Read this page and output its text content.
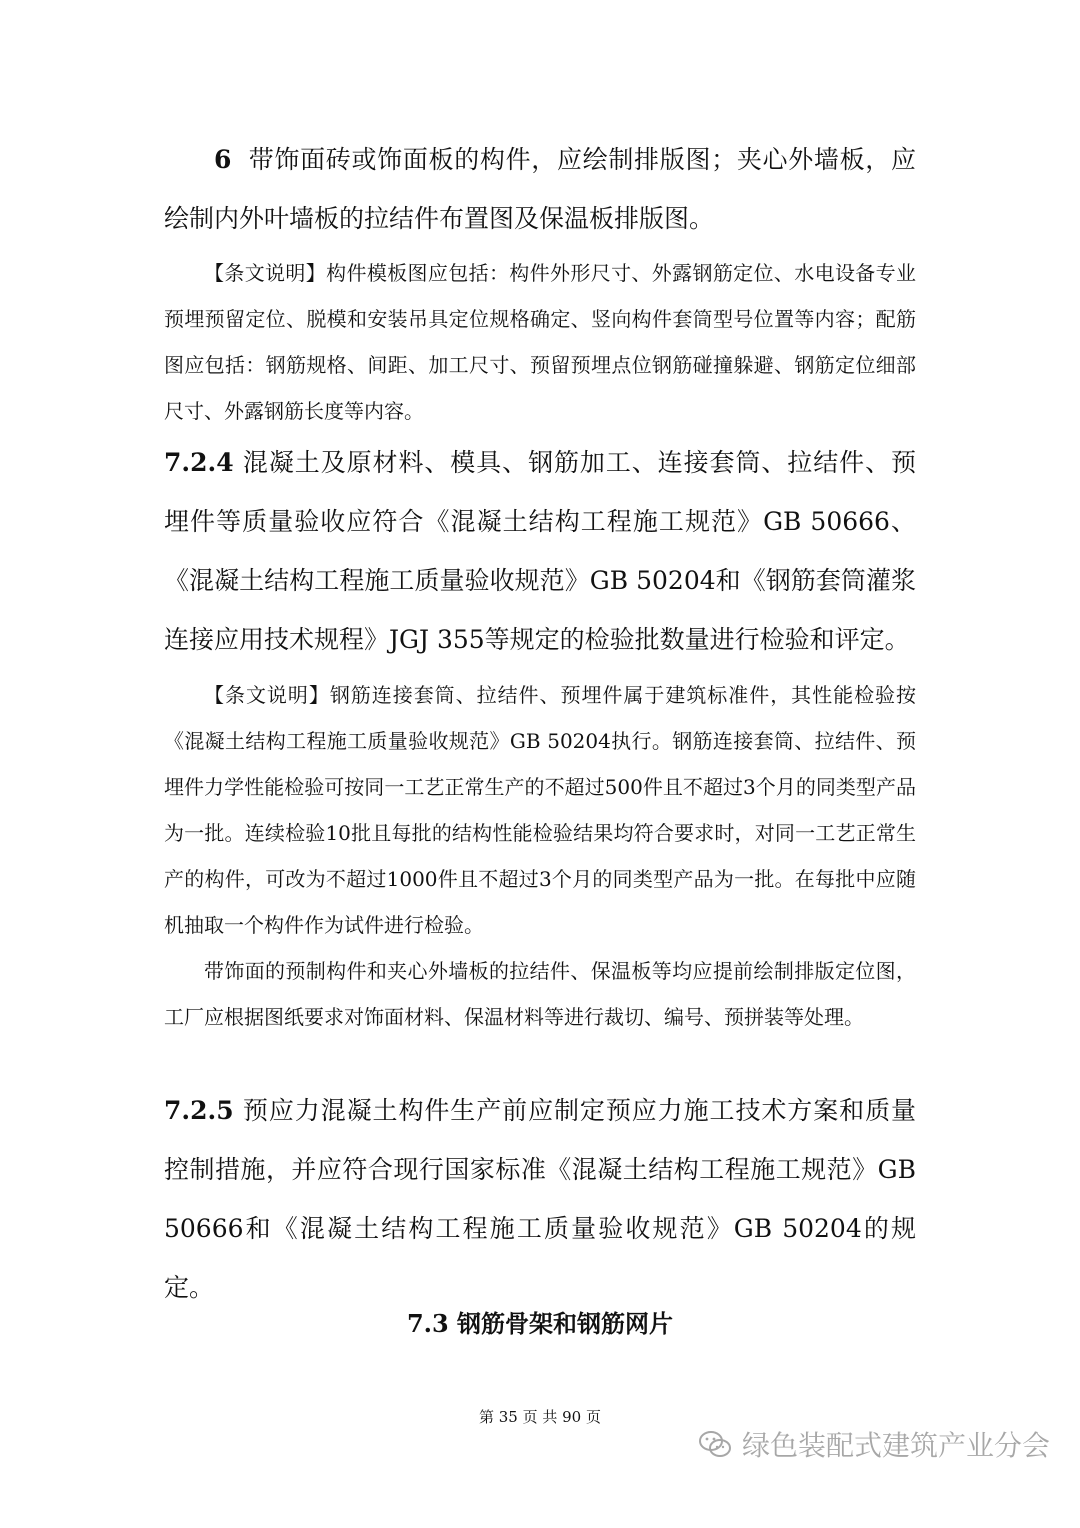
6 带饰面砖或饰面板的构件，应绘制排版图；夹心外墙板，应绘制内外叶墙板的拉结件布置图及保温板排版图。

【条文说明】构件模板图应包括：构件外形尺寸、外露钢筋定位、水电设备专业预埋预留定位、脱模和安装吊具定位规格确定、竖向构件套筒型号位置等内容；配筋图应包括：钢筋规格、间距、加工尺寸、预留预埋点位钢筋碰撞躲避、钢筋定位细部尺寸、外露钢筋长度等内容。

7.2.4 混凝土及原材料、模具、钢筋加工、连接套筒、拉结件、预埋件等质量验收应符合《混凝土结构工程施工规范》GB 50666、《混凝土结构工程施工质量验收规范》GB 50204和《钢筋套筒灌浆连接应用技术规程》JGJ 355等规定的检验批数量进行检验和评定。

【条文说明】钢筋连接套筒、拉结件、预埋件属于建筑标准件，其性能检验按《混凝土结构工程施工质量验收规范》GB 50204执行。钢筋连接套筒、拉结件、预埋件力学性能检验可按同一工艺正常生产的不超过500件且不超过3个月的同类型产品为一批。连续检验10批且每批的结构性能检验结果均符合要求时，对同一工艺正常生产的构件，可改为不超过1000件且不超过3个月的同类型产品为一批。在每批中应随机抽取一个构件作为试件进行检验。

带饰面的预制构件和夹心外墙板的拉结件、保温板等均应提前绘制排版定位图，工厂应根据图纸要求对饰面材料、保温材料等进行裁切、编号、预拼装等处理。

7.2.5 预应力混凝土构件生产前应制定预应力施工技术方案和质量控制措施，并应符合现行国家标准《混凝土结构工程施工规范》GB 50666和《混凝土结构工程施工质量验收规范》GB 50204的规定。

7.3 钢筋骨架和钢筋网片

第 35 页 共 90 页

绿色装配式建筑产业分会
